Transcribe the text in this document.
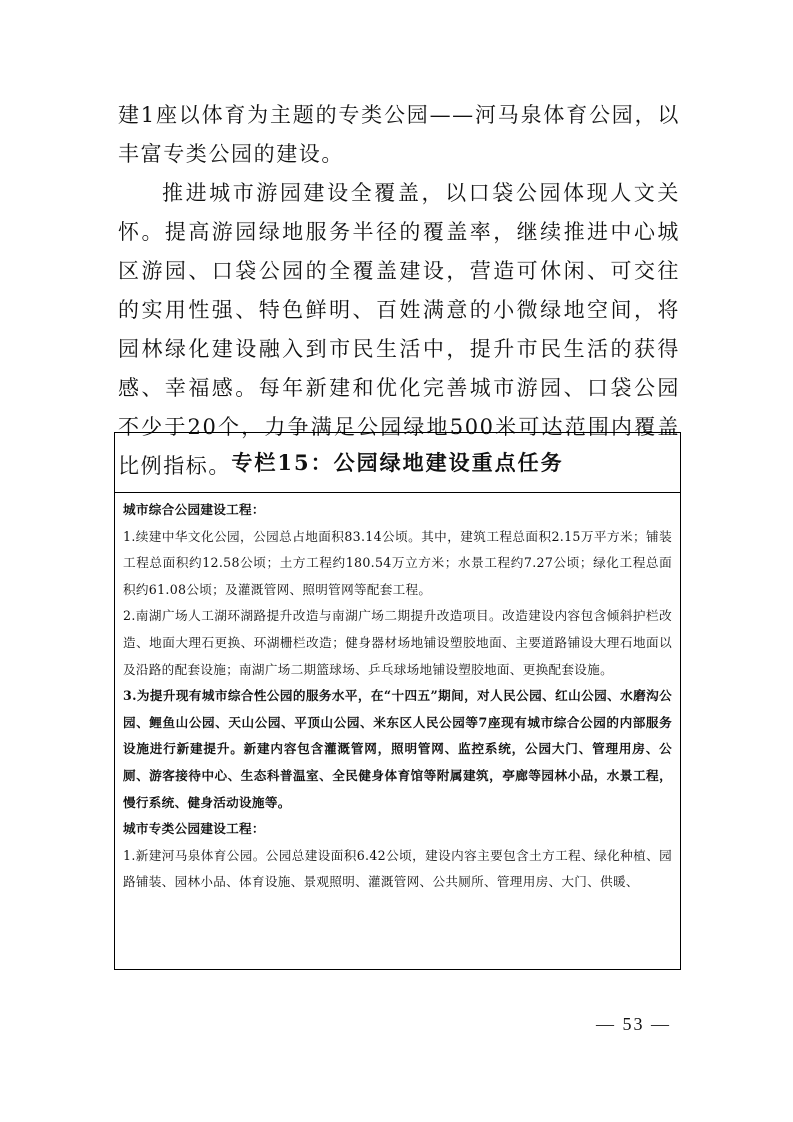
建1座以体育为主题的专类公园——河马泉体育公园，以丰富专类公园的建设。

推进城市游园建设全覆盖，以口袋公园体现人文关怀。提高游园绿地服务半径的覆盖率，继续推进中心城区游园、口袋公园的全覆盖建设，营造可休闲、可交往的实用性强、特色鲜明、百姓满意的小微绿地空间，将园林绿化建设融入到市民生活中，提升市民生活的获得感、幸福感。每年新建和优化完善城市游园、口袋公园不少于20个，力争满足公园绿地500米可达范围内覆盖比例指标。 专栏15：公园绿地建设重点任务

城市综合公园建设工程：

1.续建中华文化公园，公园总占地面积83.14公顷。其中，建筑工程总面积2.15万平方米；铺装工程总面积约12.58公顷；土方工程约180.54万立方米；水景工程约7.27公顷；绿化工程总面积约61.08公顷；及灌溉管网、照明管网等配套工程。

2.南湖广场人工湖环湖路提升改造与南湖广场二期提升改造项目。改造建设内容包含倾斜护栏改造、地面大理石更换、环湖栅栏改造；健身器材场地铺设塑胶地面、主要道路铺设大理石地面以及沿路的配套设施；南湖广场二期篮球场、乒乓球场地铺设塑胶地面、更换配套设施。

3.为提升现有城市综合性公园的服务水平，在“十四五”期间，对人民公园、红山公园、水磨沟公园、鲤鱼山公园、天山公园、平顶山公园、米东区人民公园等7座现有城市综合公园的内部服务设施进行新建提升。新建内容包含灌溉管网，照明管网、监控系统，公园大门、管理用房、公厕、游客接待中心、生态科普温室、全民健身体育馆等附属建筑，亭廊等园林小品，水景工程，慢行系统、健身活动设施等。

城市专类公园建设工程：

1.新建河马泉体育公园。公园总建设面积6.42公顷，建设内容主要包含土方工程、绿化种植、园路铺装、园林小品、体育设施、景观照明、灌溉管网、公共厕所、管理用房、大门、供暖、

— 53 —
